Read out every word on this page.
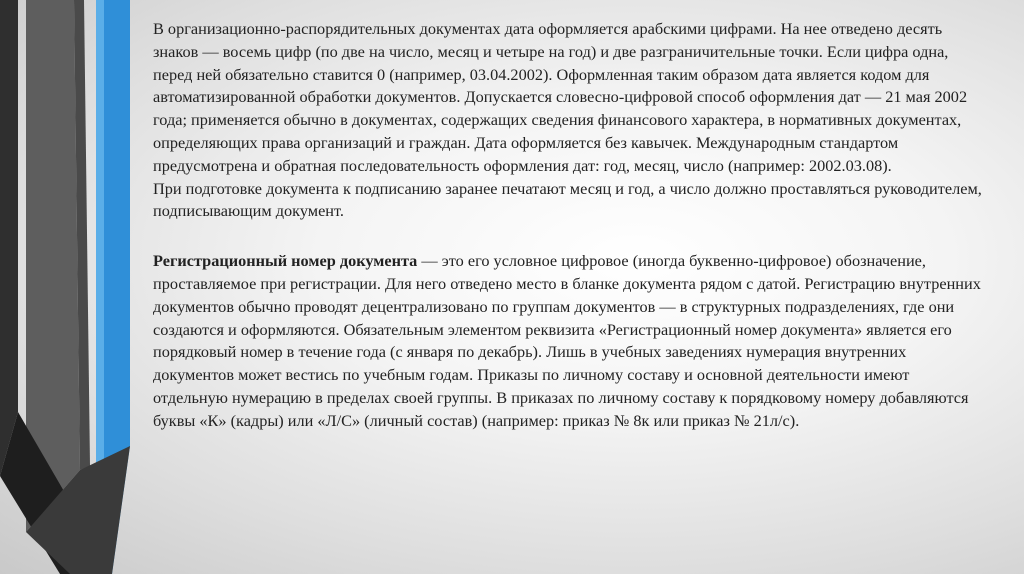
В организационно-распорядительных документах дата оформляется арабскими цифрами. На нее отведено десять знаков — восемь цифр (по две на число, месяц и четыре на год) и две разграничительные точки. Если цифра одна, перед ней обязательно ставится 0 (например, 03.04.2002). Оформленная таким образом дата является кодом для автоматизированной обработки документов. Допускается словесно-цифровой способ оформления дат — 21 мая 2002 года; применяется обычно в документах, содержащих сведения финансового характера, в нормативных документах, определяющих права организаций и граждан. Дата оформляется без кавычек. Международным стандартом предусмотрена и обратная последовательность оформления дат: год, месяц, число (например: 2002.03.08).

При подготовке документа к подписанию заранее печатают месяц и год, а число должно проставляться руководителем, подписывающим документ.

Регистрационный номер документа — это его условное цифровое (иногда буквенно-цифровое) обозначение, проставляемое при регистрации. Для него отведено место в бланке документа рядом с датой. Регистрацию внутренних документов обычно проводят децентрализовано по группам документов — в структурных подразделениях, где они создаются и оформляются. Обязательным элементом реквизита «Регистрационный номер документа» является его порядковый номер в течение года (с января по декабрь). Лишь в учебных заведениях нумерация внутренних документов может вестись по учебным годам. Приказы по личному составу и основной деятельности имеют отдельную нумерацию в пределах своей группы. В приказах по личному составу к порядковому номеру добавляются буквы «К» (кадры) или «Л/С» (личный состав) (например: приказ № 8к или приказ № 21л/с).
